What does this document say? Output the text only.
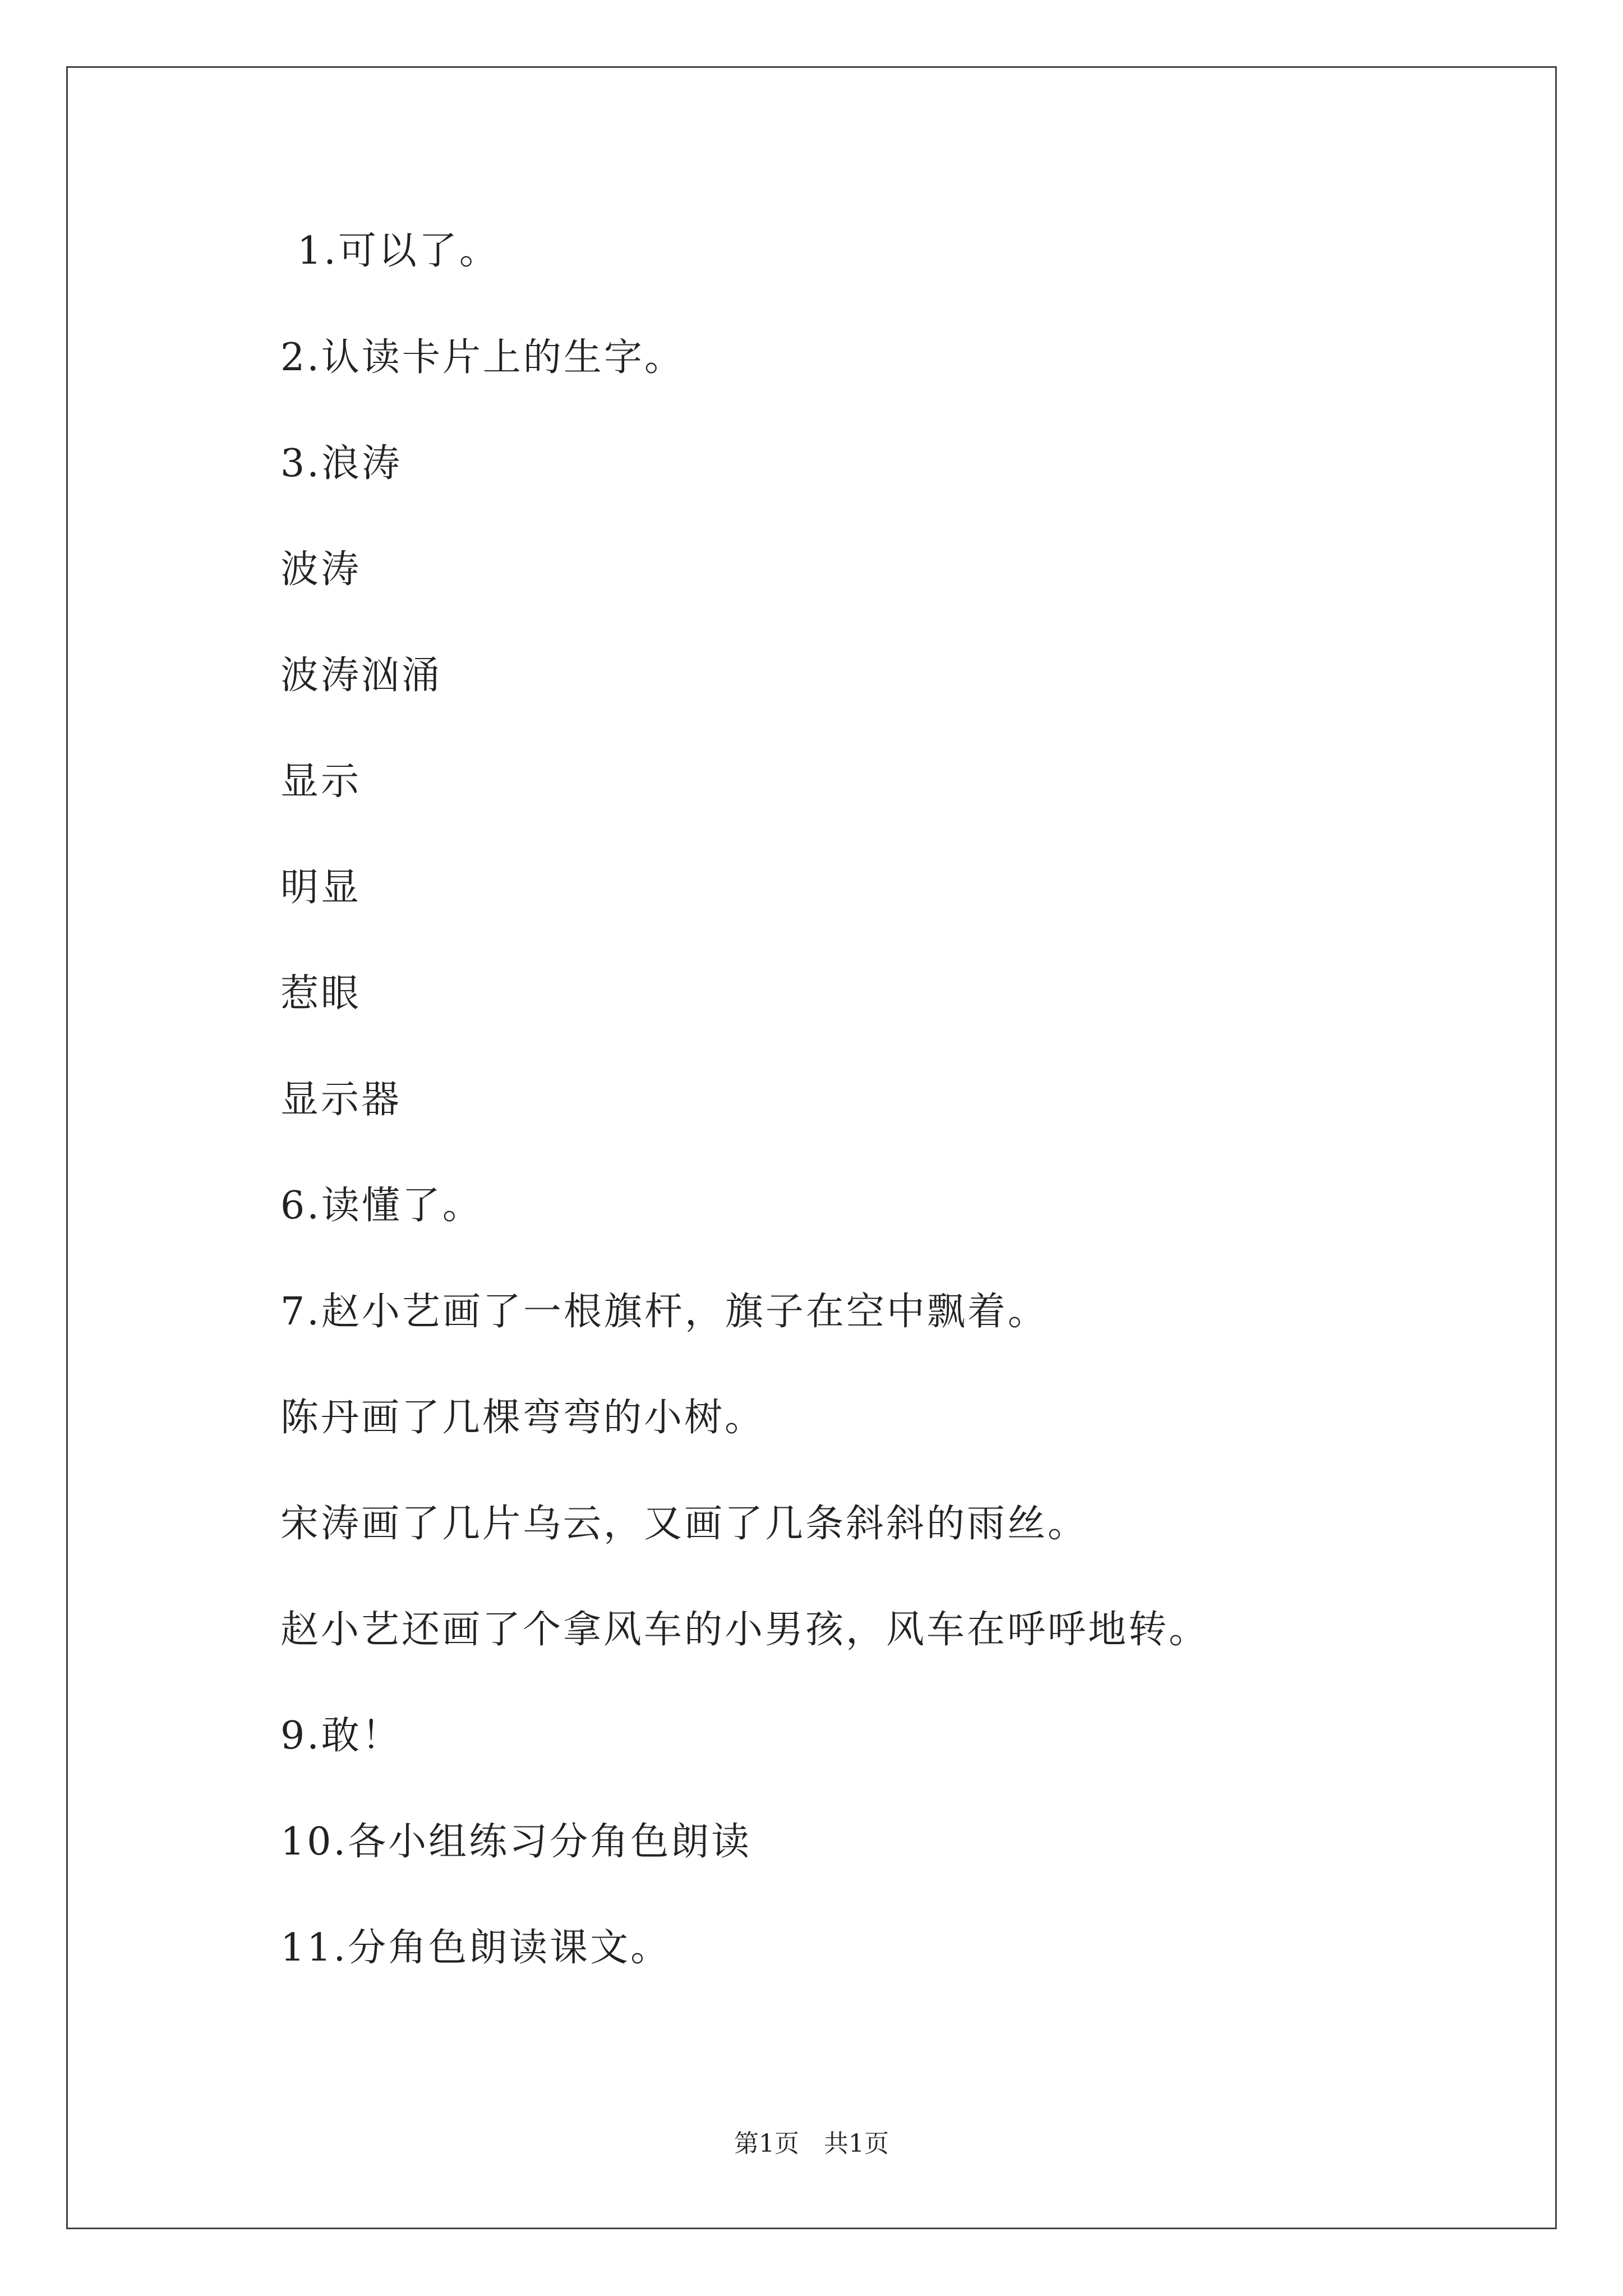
1.可以了。
2.认读卡片上的生字。
3.浪涛
波涛
波涛汹涌
显示
明显
惹眼
显示器
6.读懂了。
7.赵小艺画了一根旗杆，旗子在空中飘着。
陈丹画了几棵弯弯的小树。
宋涛画了几片乌云，又画了几条斜斜的雨丝。
赵小艺还画了个拿风车的小男孩，风车在呼呼地转。
9.敢！
10.各小组练习分角色朗读
11.分角色朗读课文。
第1页　共1页
